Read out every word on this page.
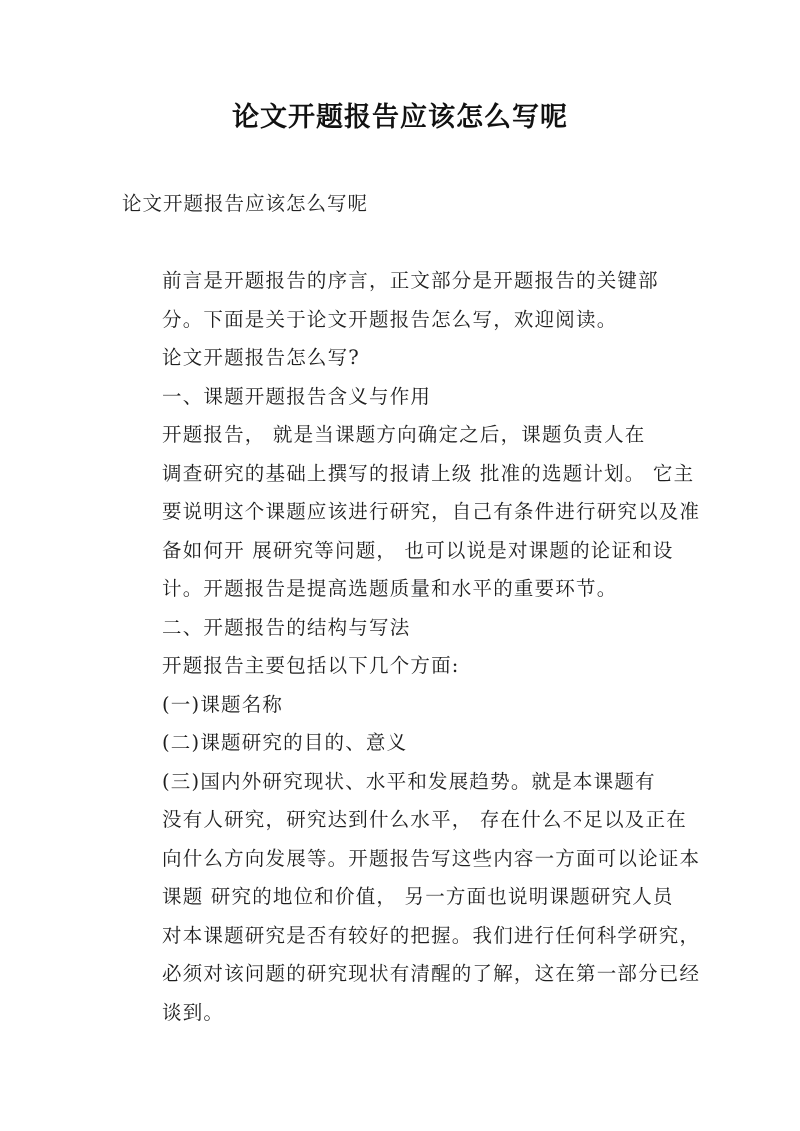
论文开题报告应该怎么写呢

论文开题报告应该怎么写呢

前言是开题报告的序言，正文部分是开题报告的关键部
分。下面是关于论文开题报告怎么写，欢迎阅读。

论文开题报告怎么写?

一、课题开题报告含义与作用

开题报告， 就是当课题方向确定之后，课题负责人在
调查研究的基础上撰写的报请上级 批准的选题计划。 它主
要说明这个课题应该进行研究，自己有条件进行研究以及准
备如何开 展研究等问题， 也可以说是对课题的论证和设
计。开题报告是提高选题质量和水平的重要环节。

二、开题报告的结构与写法

开题报告主要包括以下几个方面:

(一)课题名称

(二)课题研究的目的、意义

(三)国内外研究现状、水平和发展趋势。就是本课题有
没有人研究，研究达到什么水平， 存在什么不足以及正在
向什么方向发展等。开题报告写这些内容一方面可以论证本
课题 研究的地位和价值， 另一方面也说明课题研究人员
对本课题研究是否有较好的把握。我们进行任何科学研究，
必须对该问题的研究现状有清醒的了解，这在第一部分已经
谈到。
